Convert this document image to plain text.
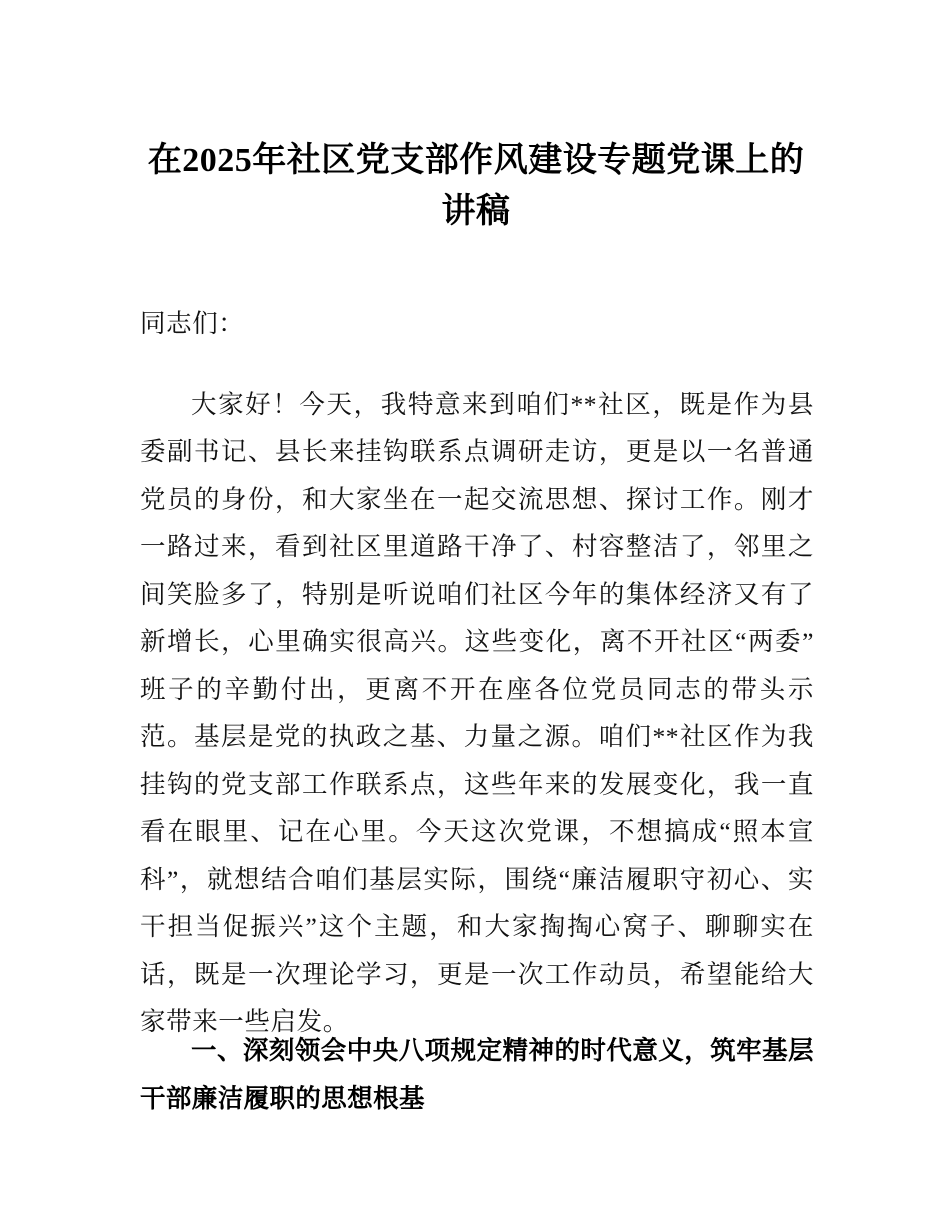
在2025年社区党支部作风建设专题党课上的讲稿

同志们：

大家好！今天，我特意来到咱们**社区，既是作为县委副书记、县长来挂钩联系点调研走访，更是以一名普通党员的身份，和大家坐在一起交流思想、探讨工作。刚才一路过来，看到社区里道路干净了、村容整洁了，邻里之间笑脸多了，特别是听说咱们社区今年的集体经济又有了新增长，心里确实很高兴。这些变化，离不开社区“两委”班子的辛勤付出，更离不开在座各位党员同志的带头示范。基层是党的执政之基、力量之源。咱们**社区作为我挂钩的党支部工作联系点，这些年来的发展变化，我一直看在眼里、记在心里。今天这次党课，不想搞成“照本宣科”，就想结合咱们基层实际，围绕“廉洁履职守初心、实干担当促振兴”这个主题，和大家掏掏心窝子、聊聊实在话，既是一次理论学习，更是一次工作动员，希望能给大家带来一些启发。

一、深刻领会中央八项规定精神的时代意义，筑牢基层干部廉洁履职的思想根基
